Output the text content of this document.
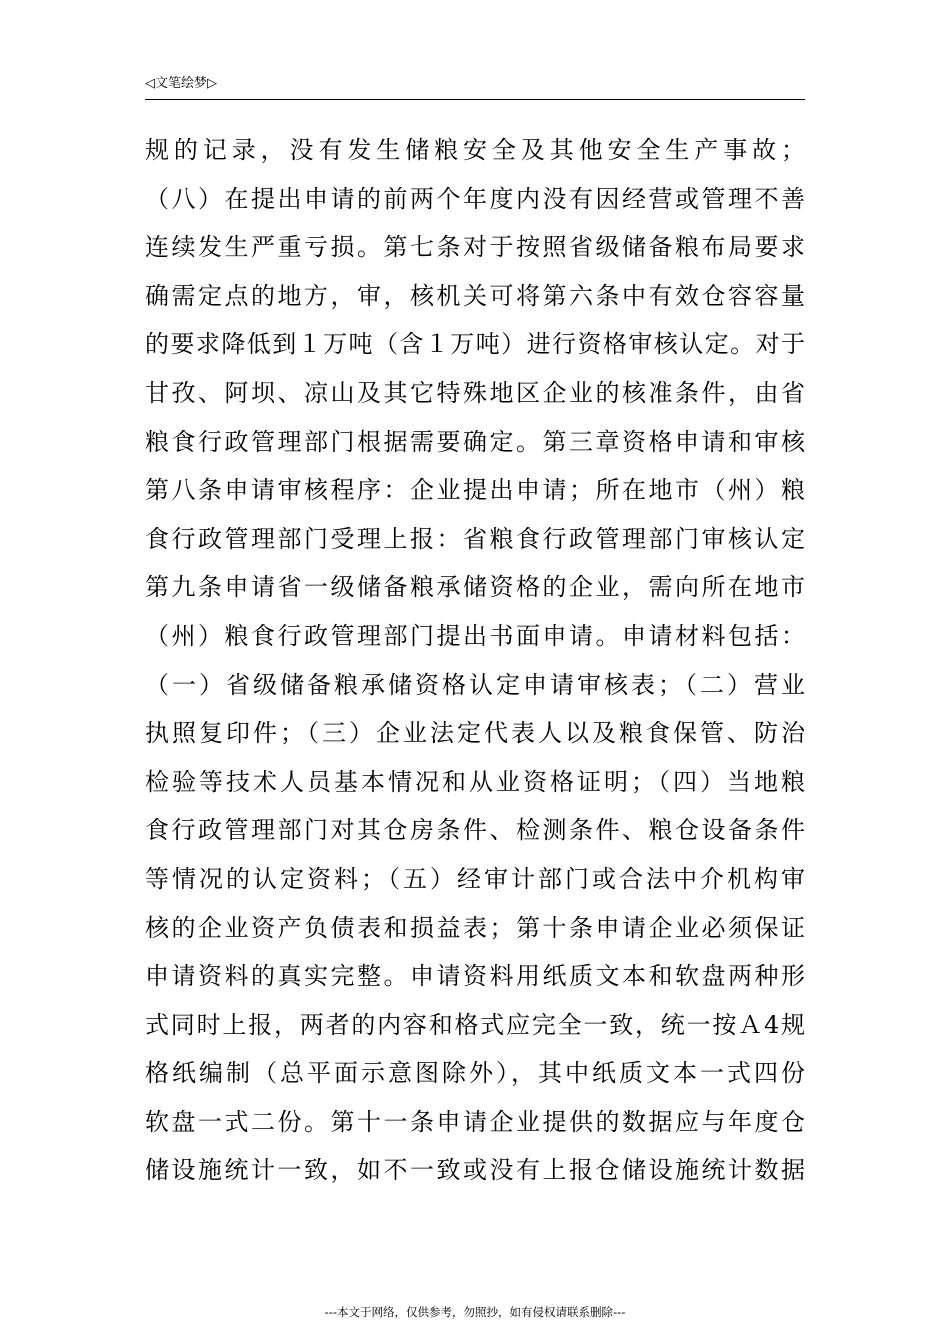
◁文笔绘梦▷
规的记录，没有发生储粮安全及其他安全生产事故；
（八）在提出申请的前两个年度内没有因经营或管理不善
连续发生严重亏损。第七条对于按照省级储备粮布局要求
确需定点的地方，审，核机关可将第六条中有效仓容容量
的要求降低到１万吨（含１万吨）进行资格审核认定。对于
甘孜、阿坝、凉山及其它特殊地区企业的核准条件，由省
粮食行政管理部门根据需要确定。第三章资格申请和审核
第八条申请审核程序：企业提出申请；所在地市（州）粮
食行政管理部门受理上报：省粮食行政管理部门审核认定
第九条申请省一级储备粮承储资格的企业，需向所在地市
（州）粮食行政管理部门提出书面申请。申请材料包括：
（一）省级储备粮承储资格认定申请审核表；（二）营业
执照复印件；（三）企业法定代表人以及粮食保管、防治
检验等技术人员基本情况和从业资格证明；（四）当地粮
食行政管理部门对其仓房条件、检测条件、粮仓设备条件
等情况的认定资料；（五）经审计部门或合法中介机构审
核的企业资产负债表和损益表；第十条申请企业必须保证
申请资料的真实完整。申请资料用纸质文本和软盘两种形
式同时上报，两者的内容和格式应完全一致，统一按Ａ4规
格纸编制（总平面示意图除外），其中纸质文本一式四份
软盘一式二份。第十一条申请企业提供的数据应与年度仓
储设施统计一致，如不一致或没有上报仓储设施统计数据
---本文于网络，仅供参考，勿照抄，如有侵权请联系删除---
